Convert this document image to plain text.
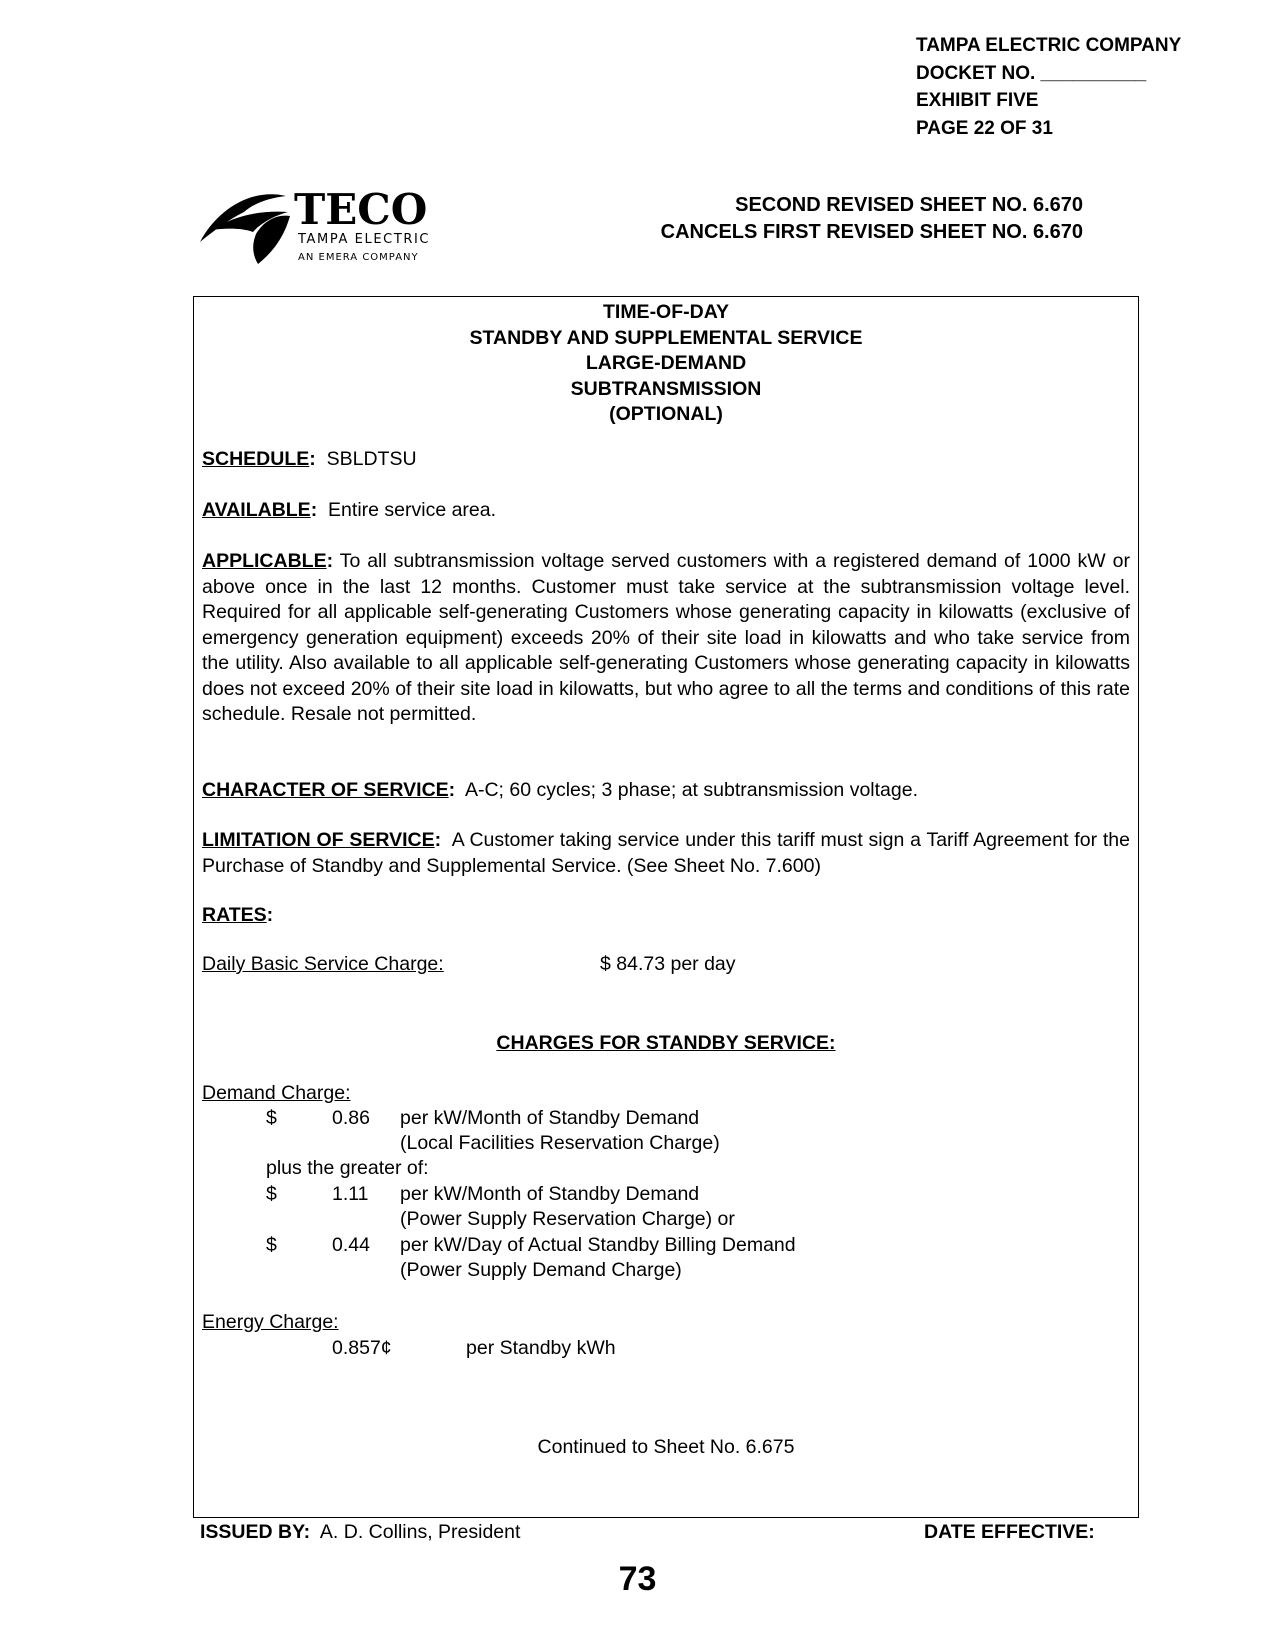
TAMPA ELECTRIC COMPANY
DOCKET NO. __________
EXHIBIT FIVE
PAGE 22 OF 31
TECO
TAMPA ELECTRIC
AN EMERA COMPANY
SECOND REVISED SHEET NO. 6.670
CANCELS FIRST REVISED SHEET NO. 6.670
TIME-OF-DAY
STANDBY AND SUPPLEMENTAL SERVICE
LARGE-DEMAND
SUBTRANSMISSION
(OPTIONAL)
SCHEDULE: SBLDTSU
AVAILABLE: Entire service area.
APPLICABLE: To all subtransmission voltage served customers with a registered demand of 1000 kW or above once in the last 12 months. Customer must take service at the subtransmission voltage level. Required for all applicable self-generating Customers whose generating capacity in kilowatts (exclusive of emergency generation equipment) exceeds 20% of their site load in kilowatts and who take service from the utility. Also available to all applicable self-generating Customers whose generating capacity in kilowatts does not exceed 20% of their site load in kilowatts, but who agree to all the terms and conditions of this rate schedule. Resale not permitted.
CHARACTER OF SERVICE: A-C; 60 cycles; 3 phase; at subtransmission voltage.
LIMITATION OF SERVICE: A Customer taking service under this tariff must sign a Tariff Agreement for the Purchase of Standby and Supplemental Service. (See Sheet No. 7.600)
RATES:
Daily Basic Service Charge:	$ 84.73 per day
CHARGES FOR STANDBY SERVICE:
Demand Charge:
$	0.86 per kW/Month of Standby Demand
(Local Facilities Reservation Charge)
plus the greater of:
$	1.11 per kW/Month of Standby Demand
(Power Supply Reservation Charge) or
$	0.44 per kW/Day of Actual Standby Billing Demand
(Power Supply Demand Charge)
Energy Charge:
0.857¢	per Standby kWh
Continued to Sheet No. 6.675
ISSUED BY: A. D. Collins, President	DATE EFFECTIVE:
73
